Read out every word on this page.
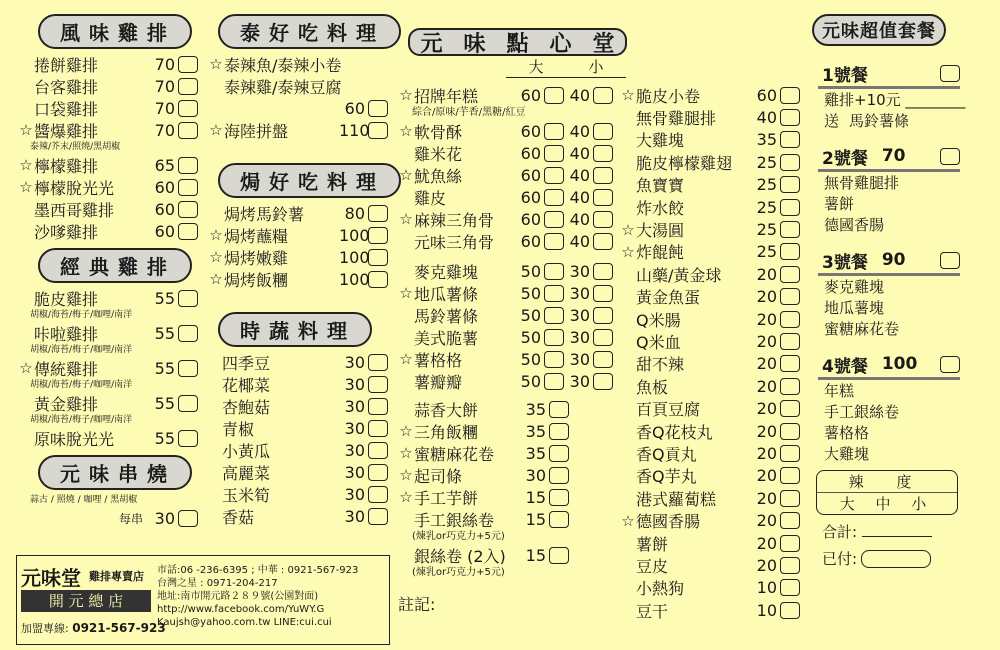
風味雞排
捲餅雞排	70
台客雞排	70
口袋雞排	70
☆ 醬爆雞排	70
泰辣/芥末/照燒/黑胡椒
☆ 檸檬雞排	65
☆ 檸檬脫光光	60
墨西哥雞排	60
沙嗲雞排	60
經典雞排
脆皮雞排	55
胡椒/海苔/梅子/咖哩/南洋
咔啦雞排	55
胡椒/海苔/梅子/咖哩/南洋
☆ 傳統雞排	55
胡椒/海苔/梅子/咖哩/南洋
黃金雞排	55
胡椒/海苔/梅子/咖哩/南洋
原味脫光光	55
元味串燒
蒜古 / 照燒 / 咖哩 / 黑胡椒
每串 30
泰好吃料理
☆ 泰辣魚/泰辣小卷
泰辣雞/泰辣豆腐
60
☆ 海陸拼盤	110
焗好吃料理
焗烤馬鈴薯	80
☆ 焗烤蘸糧	100
☆ 焗烤嫩雞	100
☆ 焗烤飯糰	100
時蔬料理
四季豆	30
花椰菜	30
杏鮑菇	30
青椒	30
小黃瓜	30
高麗菜	30
玉米筍	30
香菇	30
元 味 點 心 堂
大	小
☆ 招牌年糕	60	40
綜合/原味/芋香/黑糖/紅豆
☆ 軟骨酥	60	40
雞米花	60	40
☆ 魷魚絲	60	40
雞皮	60	40
☆ 麻辣三角骨	60	40
元味三角骨	60	40
麥克雞塊	50	30
☆ 地瓜薯條	50	30
馬鈴薯條	50	30
美式脆薯	50	30
☆ 薯格格	50	30
薯瓣瓣	50	30
蒜香大餅	35
☆ 三角飯糰	35
☆ 蜜糖麻花卷	35
☆ 起司條	30
☆ 手工芋餅	15
手工銀絲卷	15
(煉乳or巧克力+5元)
銀絲卷 (2入)	15
(煉乳or巧克力+5元)
註記:
☆ 脆皮小卷	60
無骨雞腿排	40
大雞塊	35
脆皮檸檬雞翅	25
魚寶寶	25
炸水餃	25
☆ 大湯圓	25
☆ 炸餛飩	25
山藥/黃金球	20
黃金魚蛋	20
Q米腸	20
Q米血	20
甜不辣	20
魚板	20
百頁豆腐	20
香Q花枝丸	20
香Q貢丸	20
香Q芋丸	20
港式蘿蔔糕	20
☆ 德國香腸	20
薯餅	20
豆皮	20
小熱狗	10
豆干	10
元味超值套餐
1號餐
雞排+10元 ________
送 馬鈴薯條
2號餐 70
無骨雞腿排
薯餅
德國香腸
3號餐 90
麥克雞塊
地瓜薯塊
蜜糖麻花卷
4號餐 100
年糕
手工銀絲卷
薯格格
大雞塊
辣 度
大 中 小
合計:
已付:
元味堂 雞排專賣店
開 元 總 店
加盟專線: 0921-567-923
市話:06 -236-6395 ; 中華 : 0921-567-923
台灣之星 : 0971-204-217
地址:南市開元路２８９號(公園對面)
http://www.facebook.com/YuWY.G
Kaujsh@yahoo.com.tw LINE:cui.cui
